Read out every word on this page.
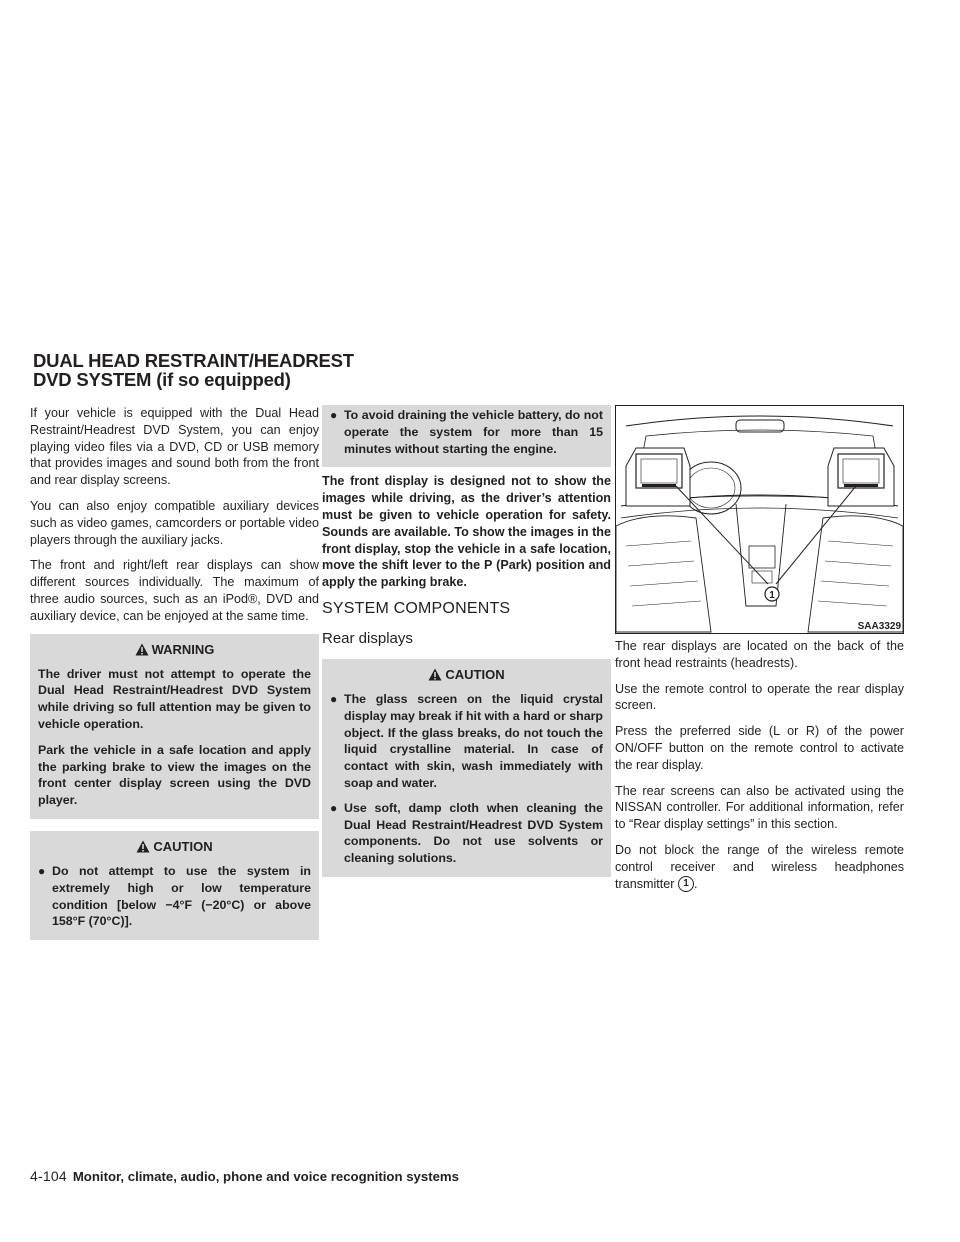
DUAL HEAD RESTRAINT/HEADREST
DVD SYSTEM (if so equipped)

If your vehicle is equipped with the Dual Head Restraint/Headrest DVD System, you can enjoy playing video files via a DVD, CD or USB memory that provides images and sound both from the front and rear display screens.

You can also enjoy compatible auxiliary devices such as video games, camcorders or portable video players through the auxiliary jacks.

The front and right/left rear displays can show different sources individually. The maximum of three audio sources, such as an iPod®, DVD and auxiliary device, can be enjoyed at the same time.

WARNING

The driver must not attempt to operate the Dual Head Restraint/Headrest DVD System while driving so full attention may be given to vehicle operation.

Park the vehicle in a safe location and apply the parking brake to view the images on the front center display screen using the DVD player.

CAUTION
● Do not attempt to use the system in extremely high or low temperature condition [below −4°F (−20°C) or above 158°F (70°C)].
● To avoid draining the vehicle battery, do not operate the system for more than 15 minutes without starting the engine.

The front display is designed not to show the images while driving, as the driver’s attention must be given to vehicle operation for safety. Sounds are available. To show the images in the front display, stop the vehicle in a safe location, move the shift lever to the P (Park) position and apply the parking brake.

SYSTEM COMPONENTS
Rear displays
CAUTION
● The glass screen on the liquid crystal display may break if hit with a hard or sharp object. If the glass breaks, do not touch the liquid crystalline material. In case of contact with skin, wash immediately with soap and water.
● Use soft, damp cloth when cleaning the Dual Head Restraint/Headrest DVD System components. Do not use solvents or cleaning solutions.
1
SAA3329

The rear displays are located on the back of the front head restraints (headrests).

Use the remote control to operate the rear display screen.

Press the preferred side (L or R) of the power ON/OFF button on the remote control to activate the rear display.

The rear screens can also be activated using the NISSAN controller. For additional information, refer to “Rear display settings” in this section.

Do not block the range of the wireless remote control receiver and wireless headphones transmitter 1 .

4-104 Monitor, climate, audio, phone and voice recognition systems
